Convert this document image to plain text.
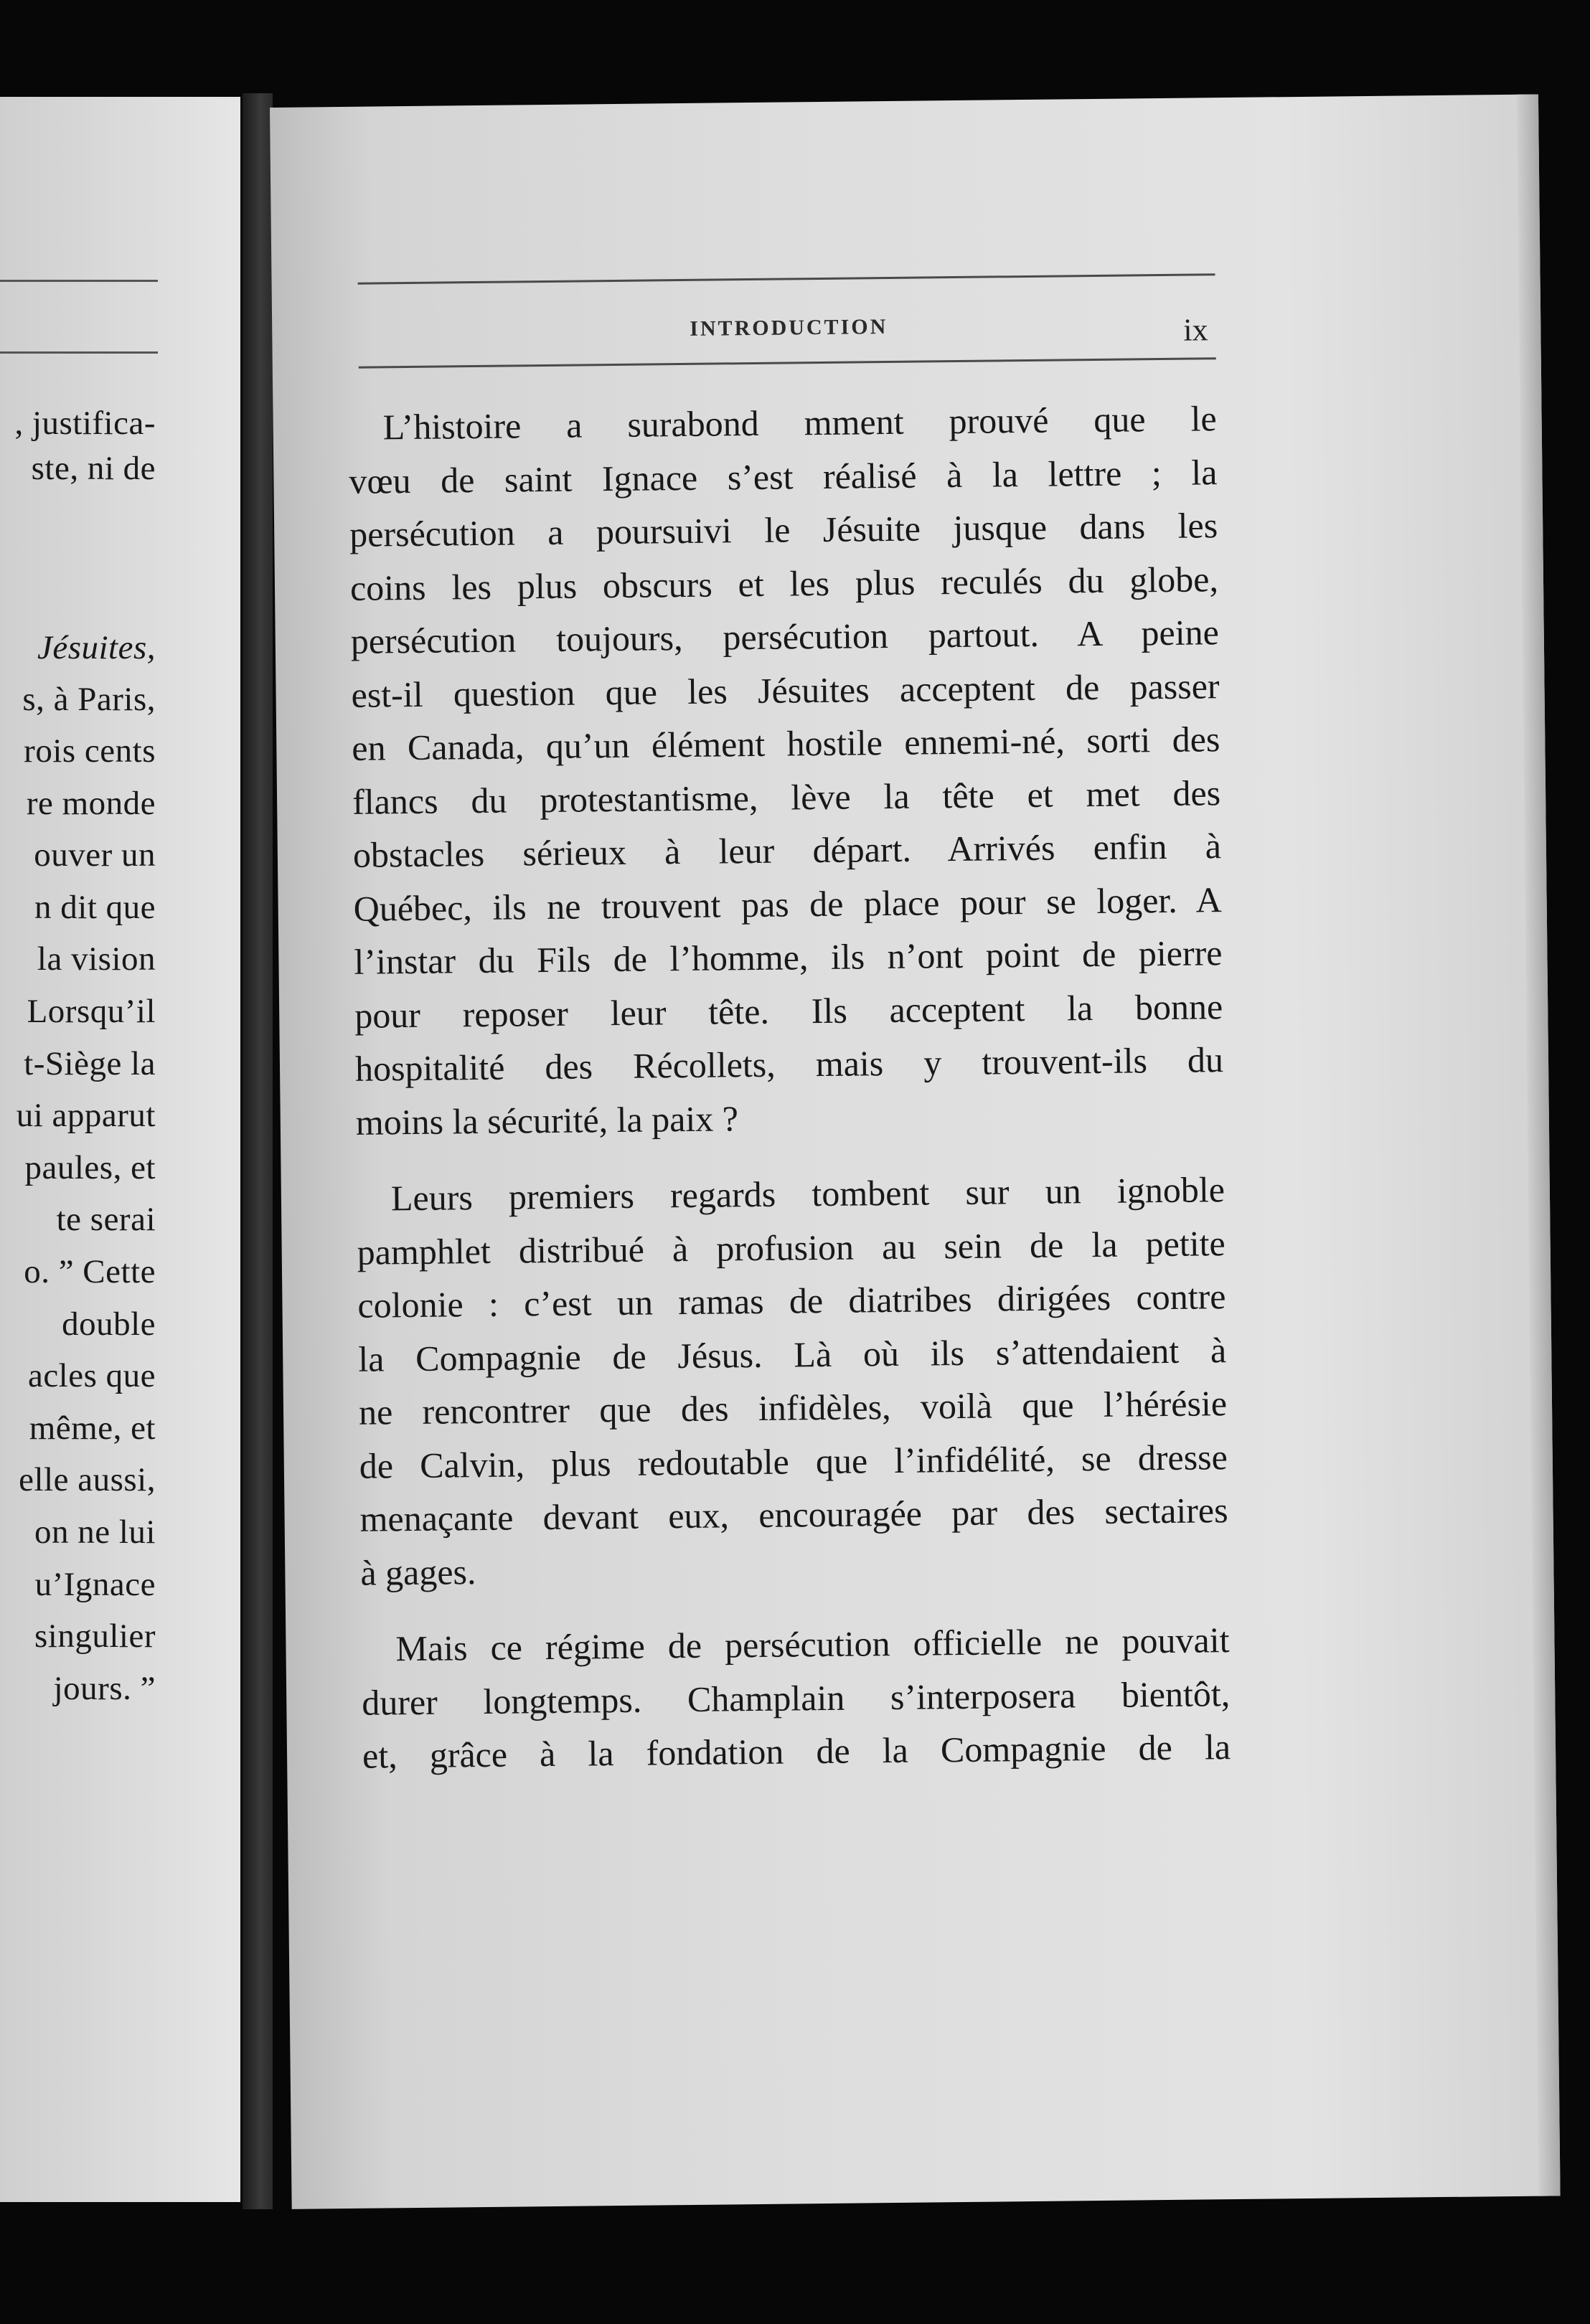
, justifica-
ste, ni de
Jésuites,
s, à Paris,
rois cents
re monde
ouver un
n dit que
la vision
Lorsqu’il
t-Siège la
ui apparut
paules, et
te serai
o. ” Cette
double
acles que
même, et
elle aussi,
on ne lui
u’Ignace
singulier
jours. ”
INTRODUCTION	ix
L’histoire a surabond mment prouvé que le
vœu de saint Ignace s’est réalisé à la lettre ; la
persécution a poursuivi le Jésuite jusque dans les
coins les plus obscurs et les plus reculés du globe,
persécution toujours, persécution partout. A peine
est-il question que les Jésuites acceptent de passer
en Canada, qu’un élément hostile ennemi-né, sorti des
flancs du protestantisme, lève la tête et met des
obstacles sérieux à leur départ. Arrivés enfin à
Québec, ils ne trouvent pas de place pour se loger. A
l’instar du Fils de l’homme, ils n’ont point de pierre
pour reposer leur tête. Ils acceptent la bonne
hospitalité des Récollets, mais y trouvent-ils du
moins la sécurité, la paix ?
Leurs premiers regards tombent sur un ignoble
pamphlet distribué à profusion au sein de la petite
colonie : c’est un ramas de diatribes dirigées contre
la Compagnie de Jésus. Là où ils s’attendaient à
ne rencontrer que des infidèles, voilà que l’hérésie
de Calvin, plus redoutable que l’infidélité, se dresse
menaçante devant eux, encouragée par des sectaires
à gages.
Mais ce régime de persécution officielle ne pouvait
durer longtemps. Champlain s’interposera bientôt,
et, grâce à la fondation de la Compagnie de la
